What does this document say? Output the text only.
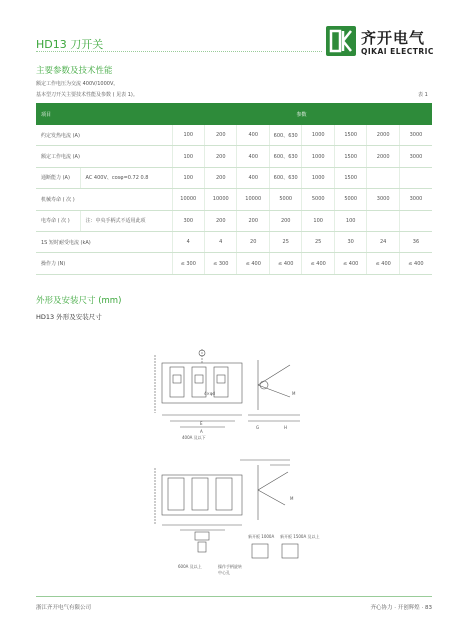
HD13 刀开关	齐开电气
QIKAI ELECTRIC
主要参数及技术性能
额定工作电压为交流 400V/1000V。
基本型刀开关主要技术性能及参数 ( 见表 1)。	表 1
项目		参数							
约定发热电流 (A)		100	200	400	600、630	1000	1500	2000	3000
额定工作电流 (A)		100	200	400	600、630	1000	1500	2000	3000
通断能力 (A)	AC 400V、cosφ=0.72 0.8	100	200	400	600、630	1000	1500		
机械寿命 ( 次 )		10000	10000	10000	5000	5000	5000	3000	3000
电寿命 ( 次 )	注：中央手柄式不适用此项	300	200	200	200	100	100		
1S 短时耐受电流 (kA)		4	4	20	25	25	30	24	36
操作力 (N)		≤ 300	≤ 300	≤ 400	≤ 400	≤ 400	≤ 400	≤ 400	≤ 400
外形及安装尺寸 (mm)
HD13 外形及安装尺寸
4×φd
E
A
M
G	H
400A 及以下
M
新开板 1000A 新开板 1500A 及以上
600A 及以上	操作手柄旋转
中心孔
浙江齐开电气有限公司	齐心协力 · 开创辉煌 · 83
